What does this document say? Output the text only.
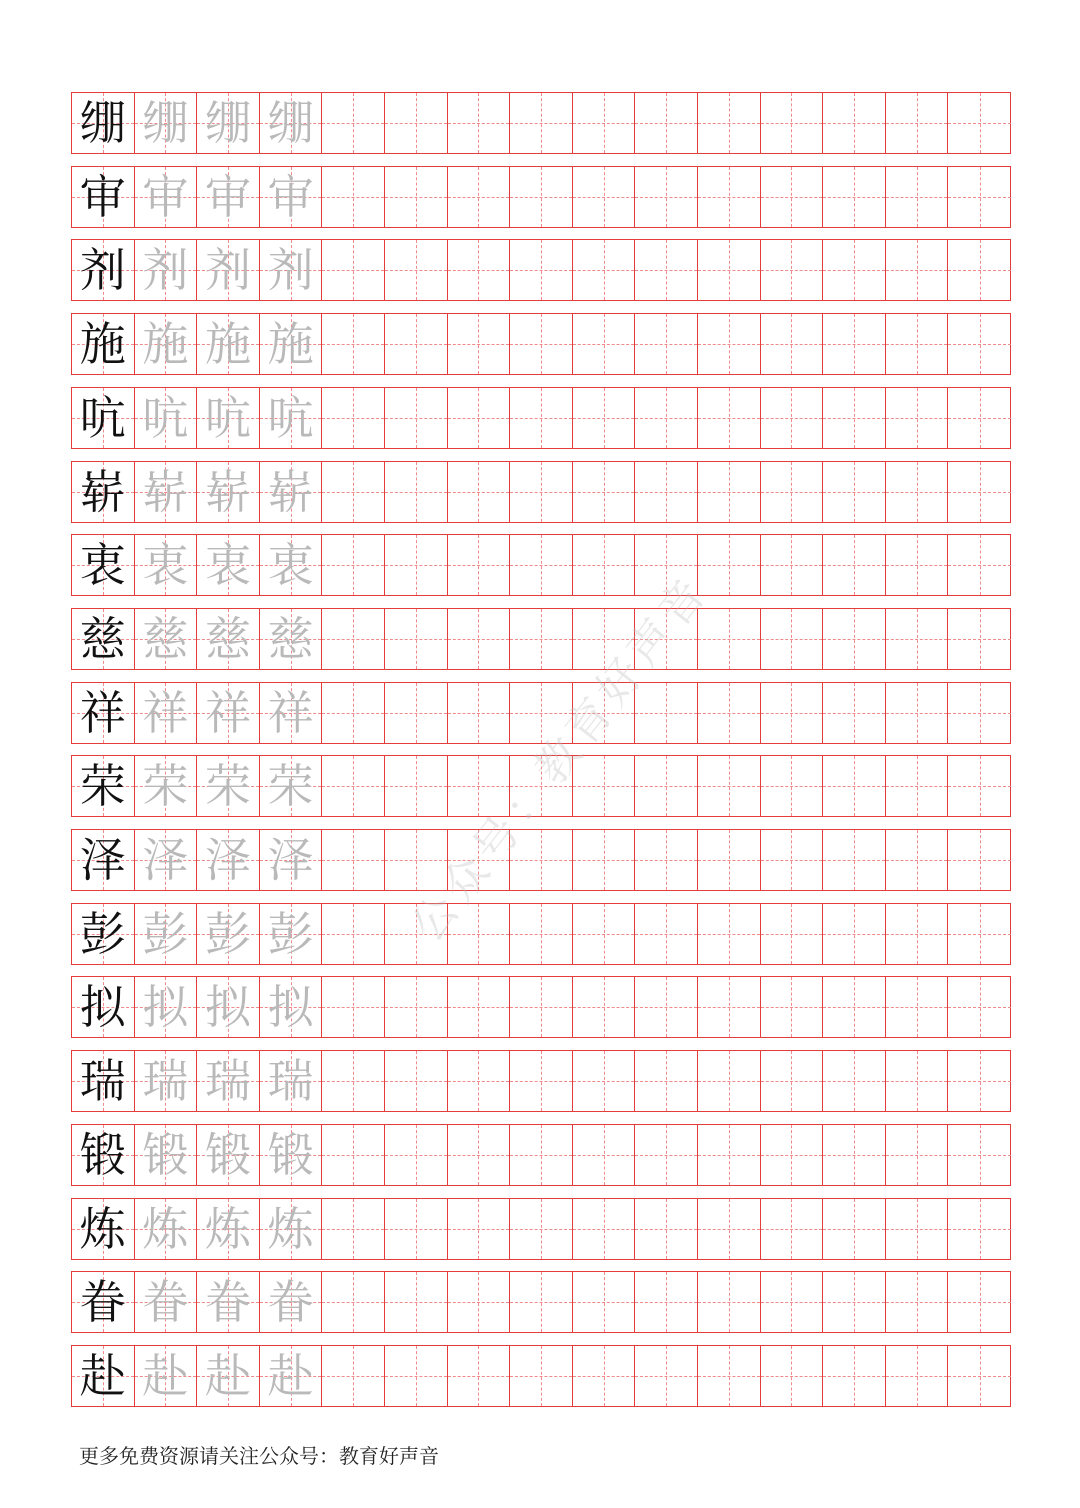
绷 绷 绷 绷
审 审 审 审
剂 剂 剂 剂
施 施 施 施
吭 吭 吭 吭
崭 崭 崭 崭
衷 衷 衷 衷
慈 慈 慈 慈
祥 祥 祥 祥
荣 荣 荣 荣
泽 泽 泽 泽
彭 彭 彭 彭
拟 拟 拟 拟
瑞 瑞 瑞 瑞
锻 锻 锻 锻
炼 炼 炼 炼
眷 眷 眷 眷
赴 赴 赴 赴
公众号：教育好声音
更多免费资源请关注公众号：教育好声音
